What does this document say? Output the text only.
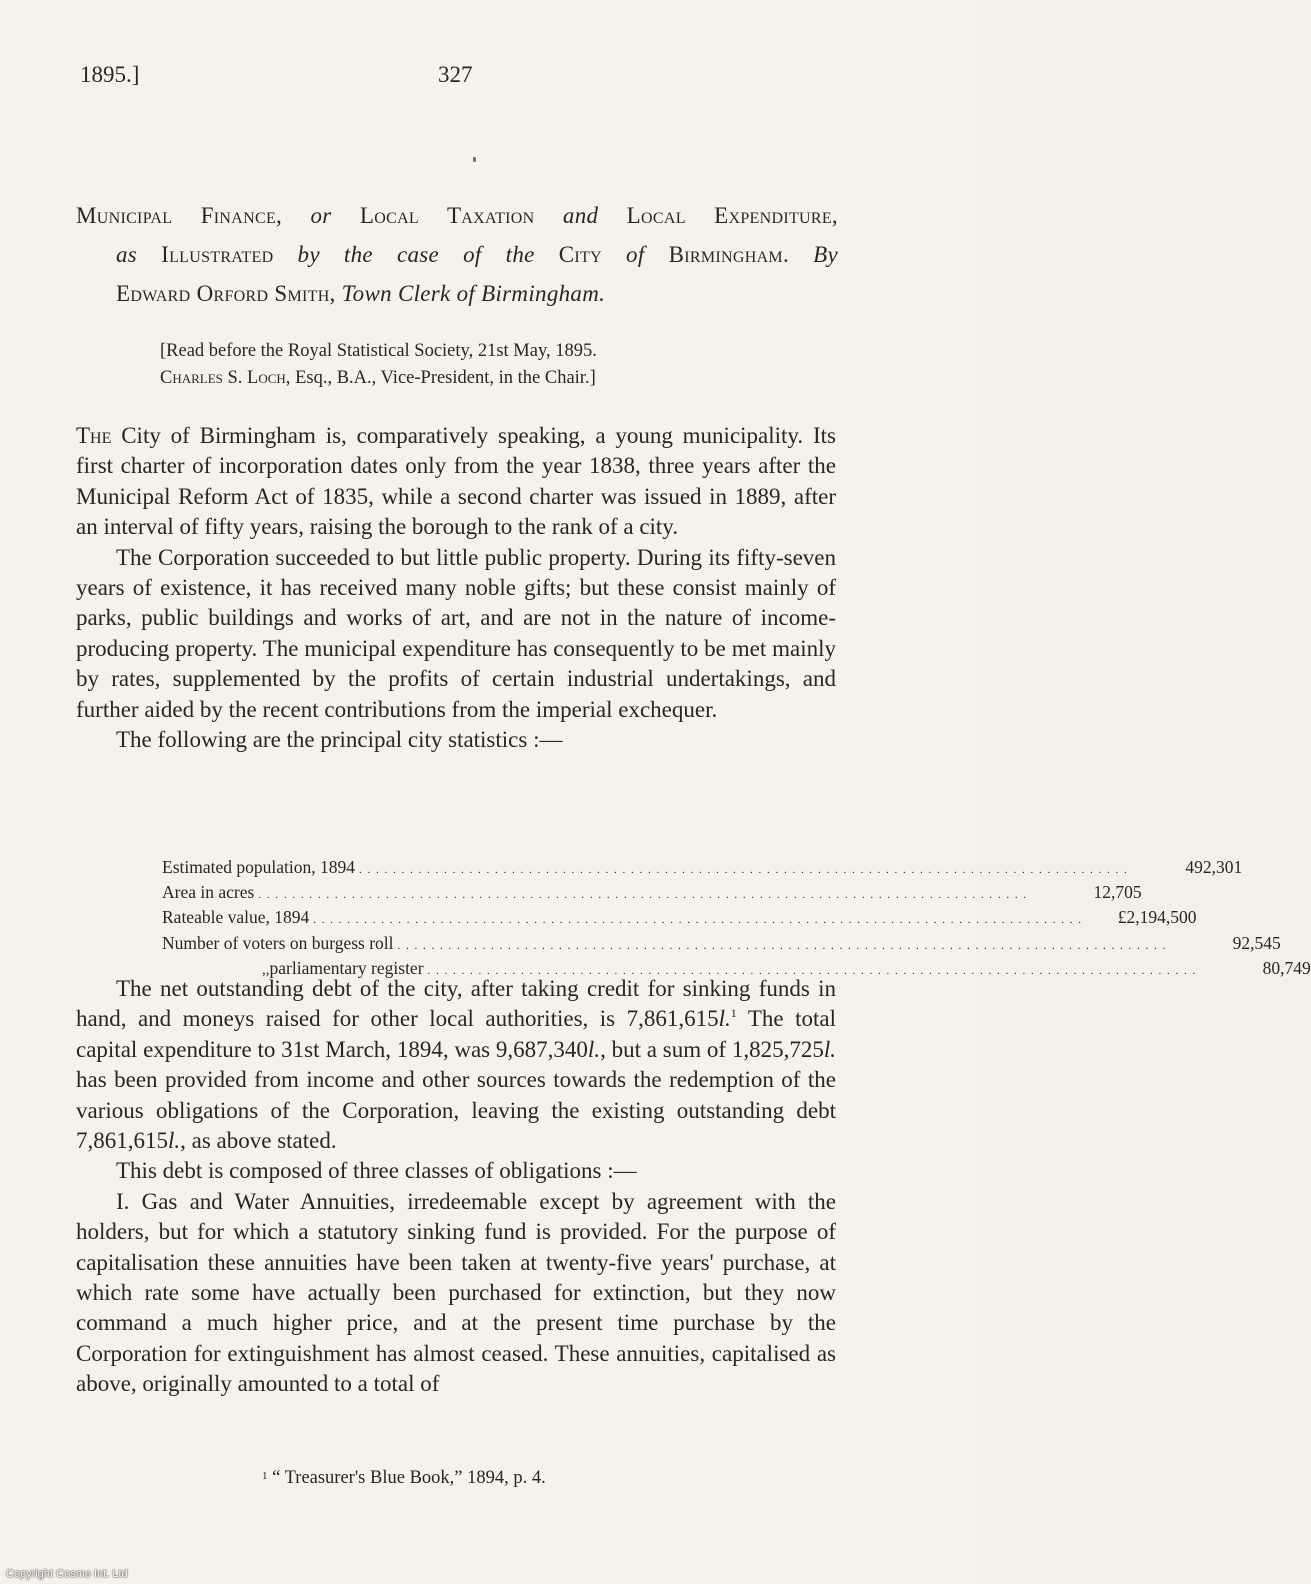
1895.]	327
Municipal Finance, or Local Taxation and Local Expenditure,
as Illustrated by the case of the City of Birmingham. By
Edward Orford Smith, Town Clerk of Birmingham.
[Read before the Royal Statistical Society, 21st May, 1895.
Charles S. Loch, Esq., B.A., Vice-President, in the Chair.]

The City of Birmingham is, comparatively speaking, a young municipality. Its first charter of incorporation dates only from the year 1838, three years after the Municipal Reform Act of 1835, while a second charter was issued in 1889, after an interval of fifty years, raising the borough to the rank of a city.

The Corporation succeeded to but little public property. During its fifty-seven years of existence, it has received many noble gifts; but these consist mainly of parks, public buildings and works of art, and are not in the nature of income-producing property. The municipal expenditure has consequently to be met mainly by rates, supplemented by the profits of certain industrial undertakings, and further aided by the recent contributions from the imperial exchequer.

The following are the principal city statistics :—

Estimated population, 1894 . . . . . . . . . . . . . . . . . . . . . . . . . . . . . . . . . . . . . . . . . . . . . . . . . . . . . . . . . . . . . . . . . . . . . . . . . . . . . . . . . . . . . . . . . . .	492,301
Area in acres . . . . . . . . . . . . . . . . . . . . . . . . . . . . . . . . . . . . . . . . . . . . . . . . . . . . . . . . . . . . . . . . . . . . . . . . . . . . . . . . . . . . . . . . . . .	12,705
Rateable value, 1894 . . . . . . . . . . . . . . . . . . . . . . . . . . . . . . . . . . . . . . . . . . . . . . . . . . . . . . . . . . . . . . . . . . . . . . . . . . . . . . . . . . . . . . . . . . .	£2,194,500
Number of voters on burgess roll . . . . . . . . . . . . . . . . . . . . . . . . . . . . . . . . . . . . . . . . . . . . . . . . . . . . . . . . . . . . . . . . . . . . . . . . . . . . . . . . . . . . . . . . . . .	92,545
,, parliamentary register . . . . . . . . . . . . . . . . . . . . . . . . . . . . . . . . . . . . . . . . . . . . . . . . . . . . . . . . . . . . . . . . . . . . . . . . . . . . . . . . . . . . . . . . . . .	80,749

The net outstanding debt of the city, after taking credit for sinking funds in hand, and moneys raised for other local authorities, is 7,861,615l.$^1$ The total capital expenditure to 31st March, 1894, was 9,687,340l., but a sum of 1,825,725l. has been provided from income and other sources towards the redemption of the various obligations of the Corporation, leaving the existing outstanding debt 7,861,615l., as above stated.

This debt is composed of three classes of obligations :—

I. Gas and Water Annuities, irredeemable except by agreement with the holders, but for which a statutory sinking fund is provided. For the purpose of capitalisation these annuities have been taken at twenty-five years' purchase, at which rate some have actually been purchased for extinction, but they now command a much higher price, and at the present time purchase by the Corporation for extinguishment has almost ceased. These annuities, capitalised as above, originally amounted to a total of

$^1$ “ Treasurer's Blue Book,” 1894, p. 4.
Copyright Cosmo Int. Ltd
